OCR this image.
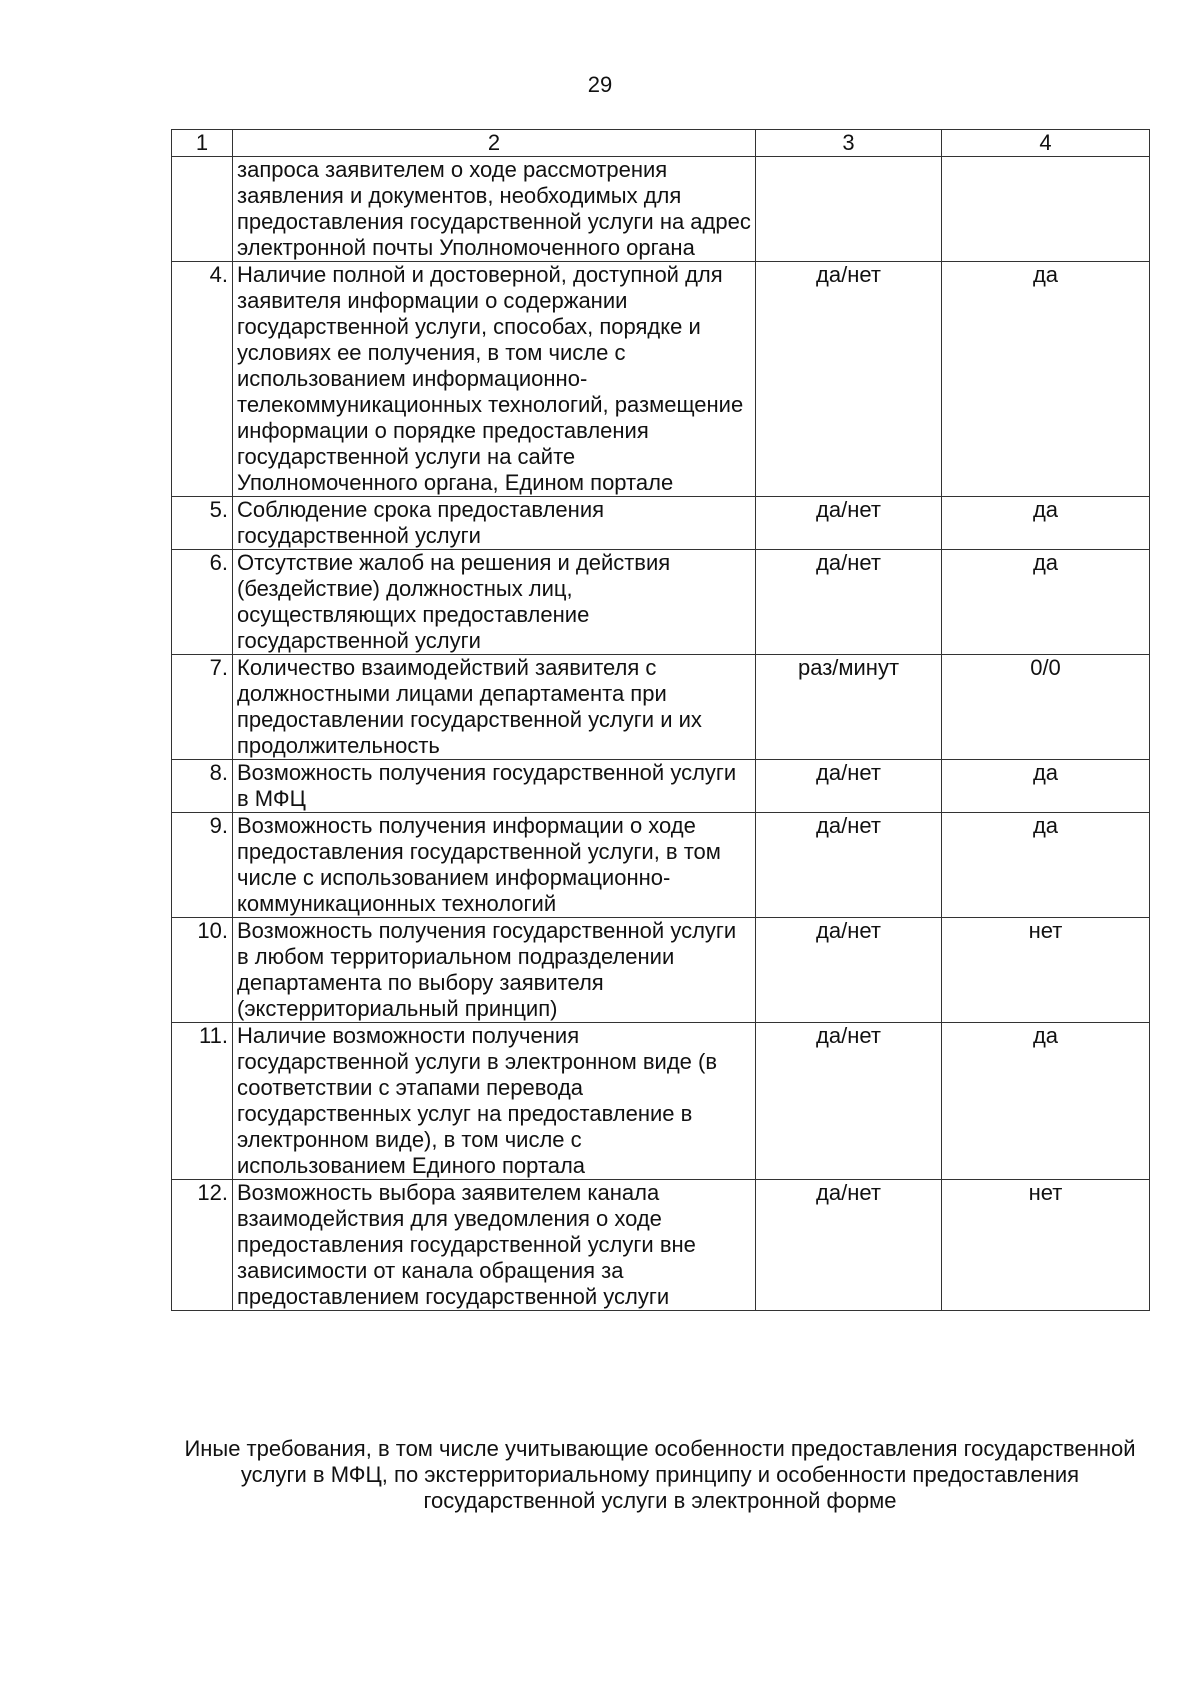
29
1	2	3	4
	запроса заявителем о ходе рассмотрения заявления и документов, необходимых для предоставления государственной услуги на адрес электронной почты Уполномоченного органа		
4.	Наличие полной и достоверной, доступной для заявителя информации о содержании государственной услуги, способах, порядке и условиях ее получения, в том числе с использованием информационно-телекоммуникационных технологий, размещение информации о порядке предоставления государственной услуги на сайте Уполномоченного органа, Едином портале	да/нет	да
5.	Соблюдение срока предоставления государственной услуги	да/нет	да
6.	Отсутствие жалоб на решения и действия (бездействие) должностных лиц, осуществляющих предоставление государственной услуги	да/нет	да
7.	Количество взаимодействий заявителя с должностными лицами департамента при предоставлении государственной услуги и их продолжительность	раз/минут	0/0
8.	Возможность получения государственной услуги в МФЦ	да/нет	да
9.	Возможность получения информации о ходе предоставления государственной услуги, в том числе с использованием информационно-коммуникационных технологий	да/нет	да
10.	Возможность получения государственной услуги в любом территориальном подразделении департамента по выбору заявителя (экстерриториальный принцип)	да/нет	нет
11.	Наличие возможности получения государственной услуги в электронном виде (в соответствии с этапами перевода государственных услуг на предоставление в электронном виде), в том числе с использованием Единого портала	да/нет	да
12.	Возможность выбора заявителем канала взаимодействия для уведомления о ходе предоставления государственной услуги вне зависимости от канала обращения за предоставлением государственной услуги	да/нет	нет
Иные требования, в том числе учитывающие особенности предоставления государственной услуги в МФЦ, по экстерриториальному принципу и особенности предоставления государственной услуги в электронной форме
